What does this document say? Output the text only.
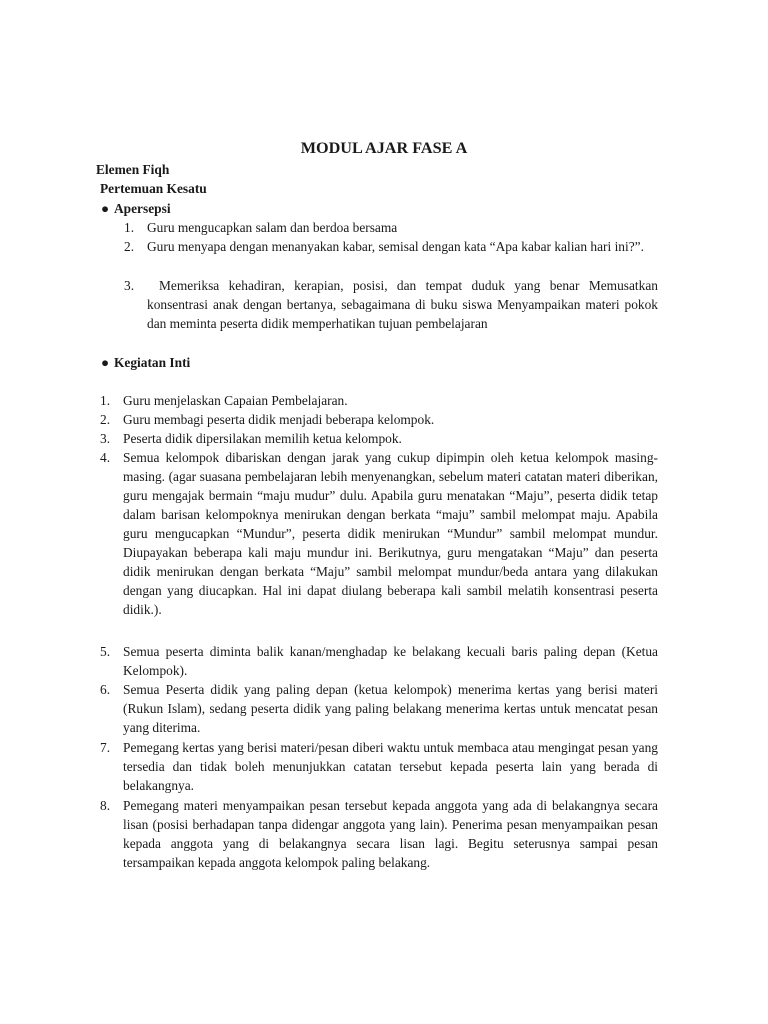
MODUL AJAR FASE A
Elemen Fiqh
Pertemuan Kesatu
● Apersepsi
1. Guru mengucapkan salam dan berdoa bersama
2. Guru menyapa dengan menanyakan kabar, semisal dengan kata “Apa kabar kalian hari ini?”.
3.	Memeriksa kehadiran, kerapian, posisi, dan tempat duduk yang benar Memusatkan konsentrasi anak dengan bertanya, sebagaimana di buku siswa Menyampaikan materi pokok dan meminta peserta didik memperhatikan tujuan pembelajaran
● Kegiatan Inti
1. Guru menjelaskan Capaian Pembelajaran.
2. Guru membagi peserta didik menjadi beberapa kelompok.
3. Peserta didik dipersilakan memilih ketua kelompok.
4. Semua kelompok dibariskan dengan jarak yang cukup dipimpin oleh ketua kelompok masing-masing. (agar suasana pembelajaran lebih menyenangkan, sebelum materi catatan materi diberikan, guru mengajak bermain “maju mudur” dulu. Apabila guru menatakan “Maju”, peserta didik tetap dalam barisan kelompoknya menirukan dengan berkata “maju” sambil melompat maju. Apabila guru mengucapkan “Mundur”, peserta didik menirukan “Mundur” sambil melompat mundur. Diupayakan beberapa kali maju mundur ini. Berikutnya, guru mengatakan “Maju” dan peserta didik menirukan dengan berkata “Maju” sambil melompat mundur/beda antara yang dilakukan dengan yang diucapkan. Hal ini dapat diulang beberapa kali sambil melatih konsentrasi peserta didik.).
5. Semua peserta diminta balik kanan/menghadap ke belakang kecuali baris paling depan (Ketua Kelompok).
6. Semua Peserta didik yang paling depan (ketua kelompok) menerima kertas yang berisi materi (Rukun Islam), sedang peserta didik yang paling belakang menerima kertas untuk mencatat pesan yang diterima.
7. Pemegang kertas yang berisi materi/pesan diberi waktu untuk membaca atau mengingat pesan yang tersedia dan tidak boleh menunjukkan catatan tersebut kepada peserta lain yang berada di belakangnya.
8. Pemegang materi menyampaikan pesan tersebut kepada anggota yang ada di belakangnya secara lisan (posisi berhadapan tanpa didengar anggota yang lain). Penerima pesan menyampaikan pesan kepada anggota yang di belakangnya secara lisan lagi. Begitu seterusnya sampai pesan tersampaikan kepada anggota kelompok paling belakang.
